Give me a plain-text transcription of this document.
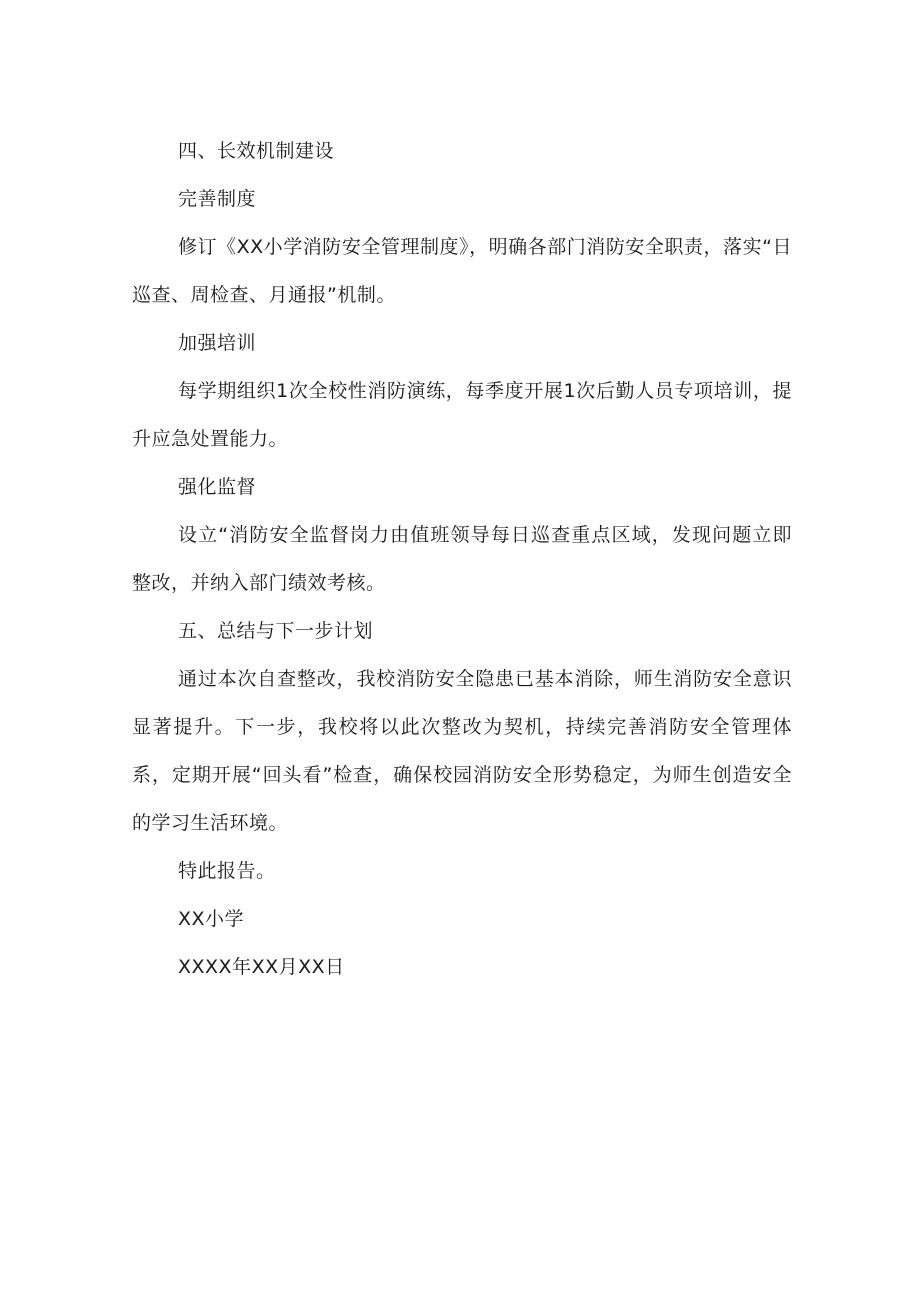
四、长效机制建设

完善制度

修订《XX小学消防安全管理制度》，明确各部门消防安全职责，落实“日巡查、周检查、月通报”机制。

加强培训

每学期组织1次全校性消防演练，每季度开展1次后勤人员专项培训，提升应急处置能力。

强化监督

设立“消防安全监督岗力由值班领导每日巡查重点区域，发现问题立即整改，并纳入部门绩效考核。

五、总结与下一步计划

通过本次自查整改，我校消防安全隐患已基本消除，师生消防安全意识显著提升。下一步，我校将以此次整改为契机，持续完善消防安全管理体系，定期开展“回头看”检查，确保校园消防安全形势稳定，为师生创造安全的学习生活环境。

特此报告。

XX小学

XXXX年XX月XX日
